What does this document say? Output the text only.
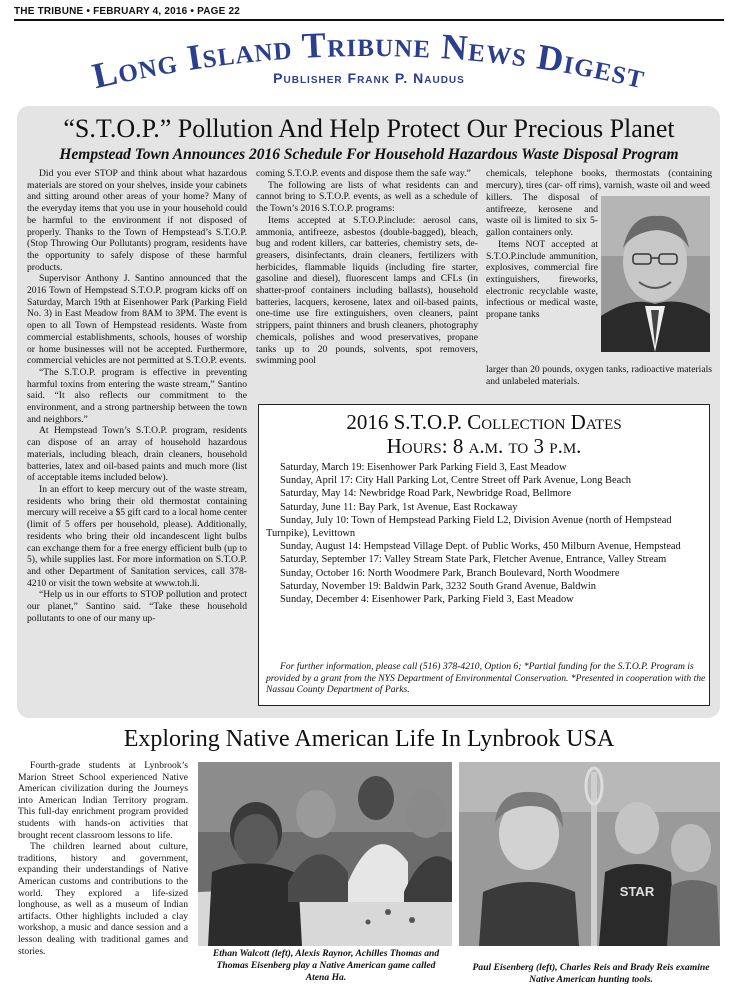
THE TRIBUNE • FEBRUARY 4, 2016 • PAGE 22
Long Island Tribune News Digest
Publisher Frank P. Naudus
“S.T.O.P.” Pollution And Help Protect Our Precious Planet
Hempstead Town Announces 2016 Schedule For Household Hazardous Waste Disposal Program

Did you ever STOP and think about what hazardous materials are stored on your shelves, inside your cabinets and sitting around other areas of your home? Many of the everyday items that you use in your household could be harmful to the environment if not disposed of properly. Thanks to the Town of Hempstead’s S.T.O.P. (Stop Throwing Our Pollutants) program, residents have the opportunity to safely dispose of these harmful products.

Supervisor Anthony J. Santino announced that the 2016 Town of Hempstead S.T.O.P. program kicks off on Saturday, March 19th at Eisenhower Park (Parking Field No. 3) in East Meadow from 8AM to 3PM. The event is open to all Town of Hempstead residents. Waste from commercial establishments, schools, houses of worship or home businesses will not be accepted. Furthermore, commercial vehicles are not permitted at S.T.O.P. events.

“The S.T.O.P. program is effective in preventing harmful toxins from entering the waste stream,” Santino said. “It also reflects our commitment to the environment, and a strong partnership between the town and neighbors.”

At Hempstead Town’s S.T.O.P. program, residents can dispose of an array of household hazardous materials, including bleach, drain cleaners, household batteries, latex and oil-based paints and much more (list of acceptable items included below).

In an effort to keep mercury out of the waste stream, residents who bring their old thermostat containing mercury will receive a $5 gift card to a local home center (limit of 5 offers per household, please). Additionally, residents who bring their old incandescent light bulbs can exchange them for a free energy efficient bulb (up to 5), while supplies last. For more information on S.T.O.P. and other Department of Sanitation services, call 378-4210 or visit the town website at www.toh.li.

“Help us in our efforts to STOP pollution and protect our planet,” Santino said. “Take these household pollutants to one of our many up-

coming S.T.O.P. events and dispose them the safe way.”

The following are lists of what residents can and cannot bring to S.T.O.P. events, as well as a schedule of the Town’s 2016 S.T.O.P. programs:

Items accepted at S.T.O.P.include: aerosol cans, ammonia, antifreeze, asbestos (double-bagged), bleach, bug and rodent killers, car batteries, chemistry sets, de-greasers, disinfectants, drain cleaners, fertilizers with herbicides, flammable liquids (including fire starter, gasoline and diesel), fluorescent lamps and CFLs (in shatter-proof containers including ballasts), household batteries, lacquers, kerosene, latex and oil-based paints, one-time use fire extinguishers, oven cleaners, paint strippers, paint thinners and brush cleaners, photography chemicals, polishes and wood preservatives, propane tanks up to 20 pounds, solvents, spot removers, swimming pool

chemicals, telephone books, thermostats (containing mercury), tires (car- off rims), varnish, waste oil and weed

killers. The disposal of antifreeze, kerosene and waste oil is limited to six 5-gallon containers only.

Items NOT accepted at S.T.O.P.include ammunition, explosives, commercial fire extinguishers, fireworks, electronic recyclable waste, infectious or medical waste, propane tanks

larger than 20 pounds, oxygen tanks, radioactive materials and unlabeled materials.

2016 S.T.O.P. Collection Dates
Hours: 8 a.m. to 3 p.m.
Saturday, March 19: Eisenhower Park Parking Field 3, East Meadow
Sunday, April 17: City Hall Parking Lot, Centre Street off Park Avenue, Long Beach
Saturday, May 14: Newbridge Road Park, Newbridge Road, Bellmore
Saturday, June 11: Bay Park, 1st Avenue, East Rockaway
Sunday, July 10: Town of Hempstead Parking Field L2, Division Avenue (north of Hempstead Turnpike), Levittown
Sunday, August 14: Hempstead Village Dept. of Public Works, 450 Milburn Avenue, Hempstead
Saturday, September 17: Valley Stream State Park, Fletcher Avenue, Entrance, Valley Stream
Sunday, October 16: North Woodmere Park, Branch Boulevard, North Woodmere
Saturday, November 19: Baldwin Park, 3232 South Grand Avenue, Baldwin
Sunday, December 4: Eisenhower Park, Parking Field 3, East Meadow
For further information, please call (516) 378-4210, Option 6; *Partial funding for the S.T.O.P. Program is provided by a grant from the NYS Department of Environmental Conservation. *Presented in cooperation with the Nassau County Department of Parks.
Exploring Native American Life In Lynbrook USA

Fourth-grade students at Lynbrook’s Marion Street School experienced Native American civilization during the Journeys into American Indian Territory program. This full-day enrichment program provided students with hands-on activities that brought recent classroom lessons to life.

The children learned about culture, traditions, history and government, expanding their understandings of Native American customs and contributions to the world. They explored a life-sized longhouse, as well as a museum of Indian artifacts. Other highlights included a clay workshop, a music and dance session and a lesson dealing with traditional games and stories.

STAR
Ethan Walcott (left), Alexis Raynor, Achilles Thomas and Thomas Eisenberg play a Native American game called Atena Ha.
Paul Eisenberg (left), Charles Reis and Brady Reis examine Native American hunting tools.
